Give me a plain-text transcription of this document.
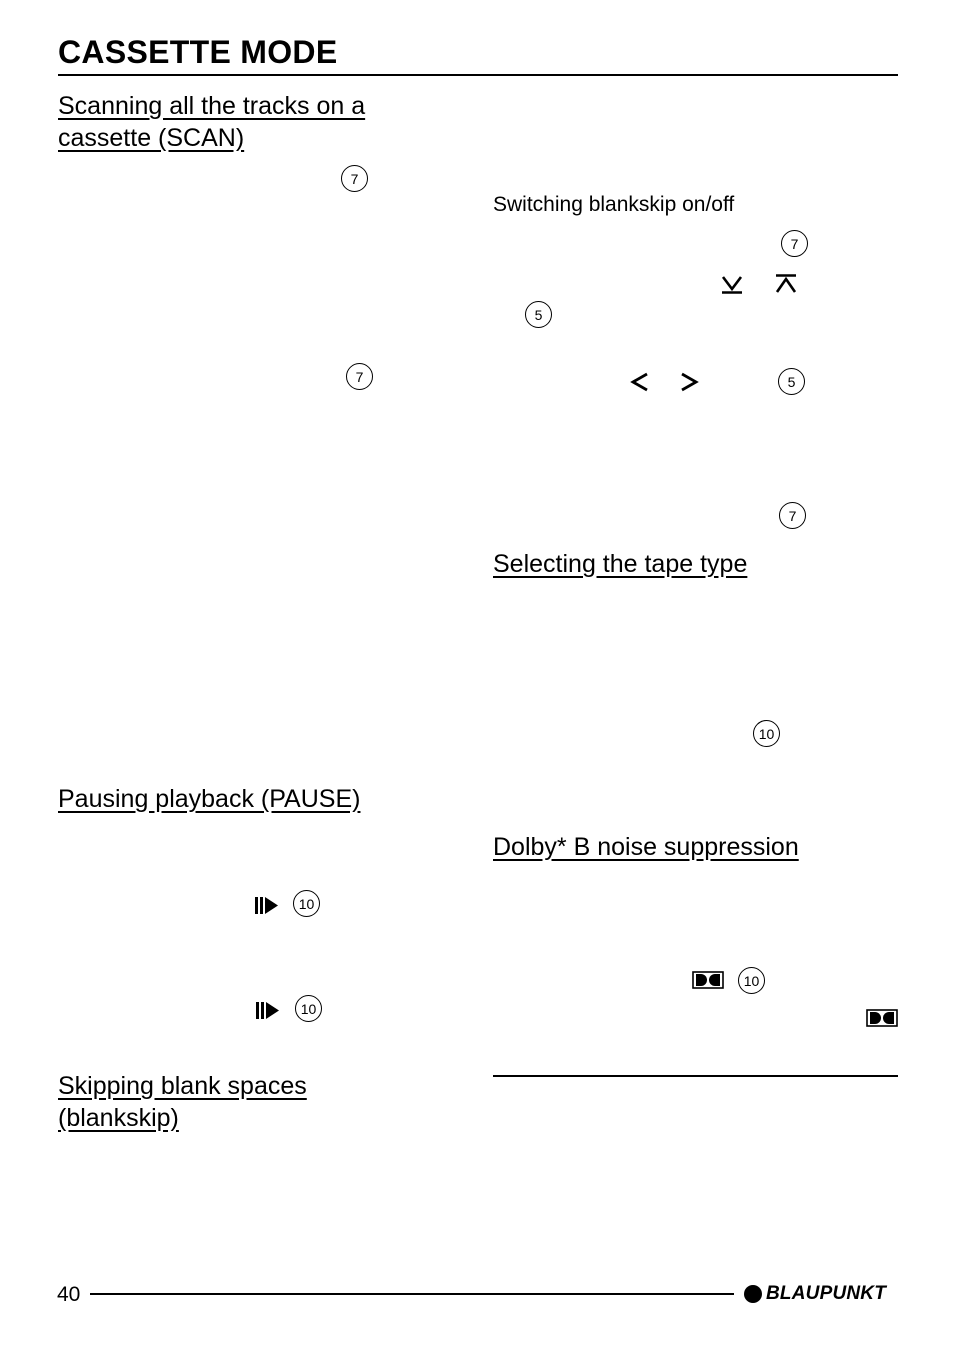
CASSETTE MODE
Scanning all the tracks on a cassette (SCAN)
7
7
Pausing playback (PAUSE)
10
10
Skipping blank spaces (blankskip)
Switching blankskip on/off
7
5
5
7
Selecting the tape type
10
Dolby* B noise suppression
10
40	BLAUPUNKT
